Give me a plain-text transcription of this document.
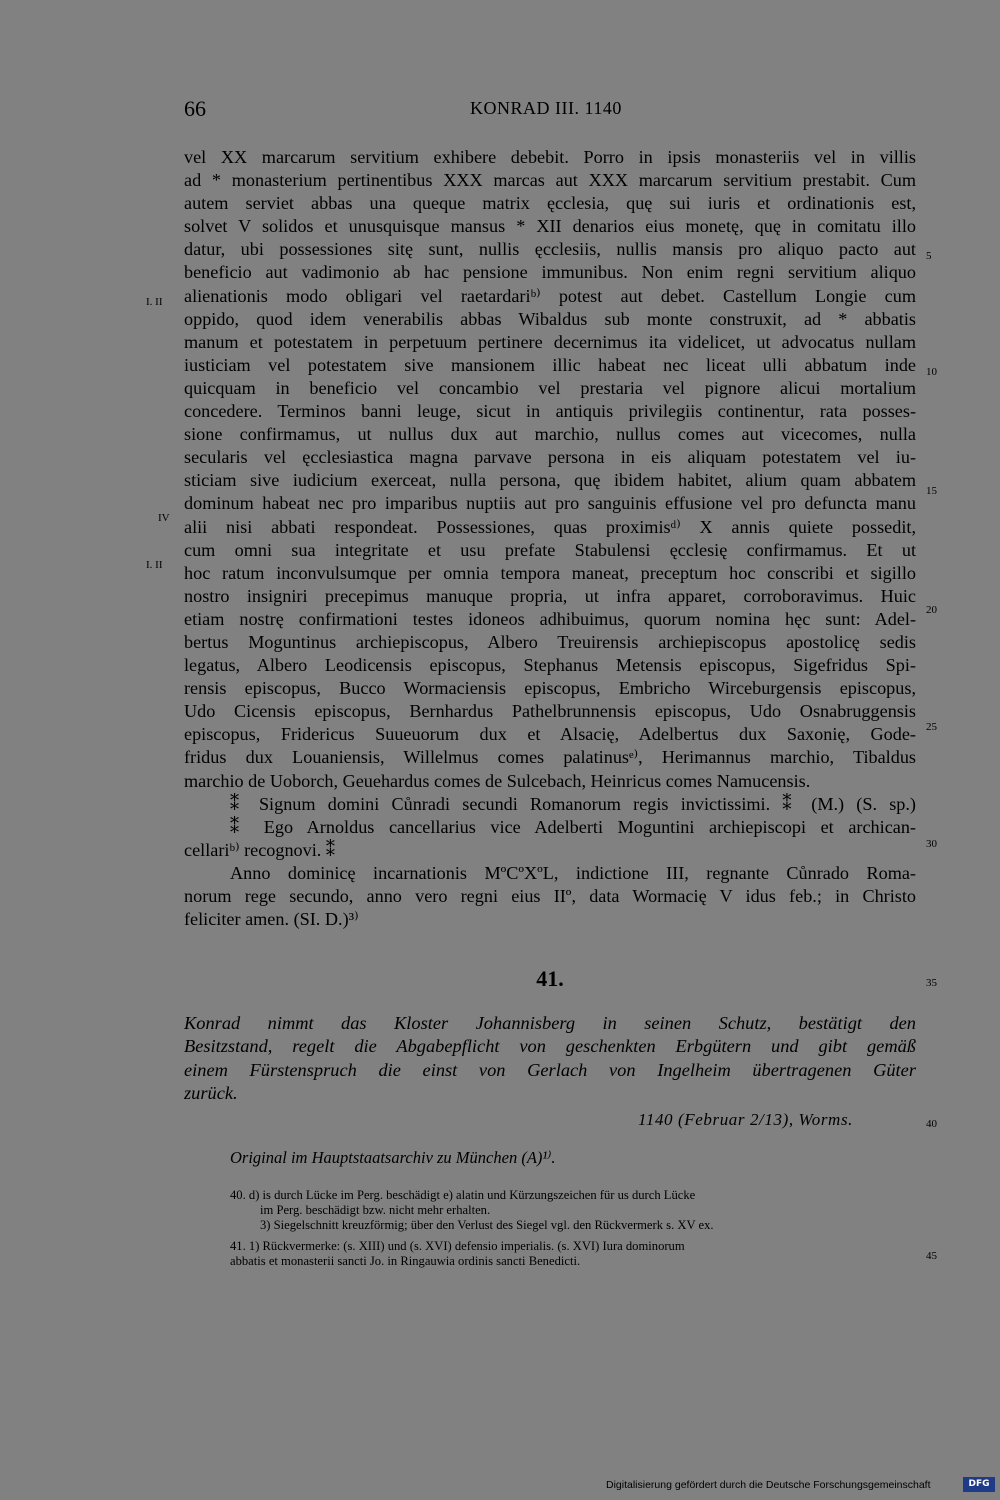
66	KONRAD III. 1140
vel XX marcarum servitium exhibere debebit. Porro in ipsis monasteriis vel in villis
ad * monasterium pertinentibus XXX marcas aut XXX marcarum servitium prestabit. Cum
autem serviet abbas una queque matrix ęcclesia, quę sui iuris et ordinationis est,
solvet V solidos et unusquisque mansus * XII denarios eius monetę, quę in comitatu illo
datur, ubi possessiones sitę sunt, nullis ęcclesiis, nullis mansis pro aliquo pacto aut
beneficio aut vadimonio ab hac pensione immunibus. Non enim regni servitium aliquo
alienationis modo obligari vel raetardariᵇ⁾ potest aut debet. Castellum Longie cum
oppido, quod idem venerabilis abbas Wibaldus sub monte construxit, ad * abbatis
manum et potestatem in perpetuum pertinere decernimus ita videlicet, ut advocatus nullam
iusticiam vel potestatem sive mansionem illic habeat nec liceat ulli abbatum inde
quicquam in beneficio vel concambio vel prestaria vel pignore alicui mortalium
concedere. Terminos banni leuge, sicut in antiquis privilegiis continentur, rata posses-
sione confirmamus, ut nullus dux aut marchio, nullus comes aut vicecomes, nulla
secularis vel ęcclesiastica magna parvave persona in eis aliquam potestatem vel iu-
sticiam sive iudicium exerceat, nulla persona, quę ibidem habitet, alium quam abbatem
dominum habeat nec pro imparibus nuptiis aut pro sanguinis effusione vel pro defuncta manu
alii nisi abbati respondeat. Possessiones, quas proximisᵈ⁾ X annis quiete possedit,
cum omni sua integritate et usu prefate Stabulensi ęcclesię confirmamus. Et ut
hoc ratum inconvulsumque per omnia tempora maneat, preceptum hoc conscribi et sigillo
nostro insigniri precepimus manuque propria, ut infra apparet, corroboravimus. Huic
etiam nostrę confirmationi testes idoneos adhibuimus, quorum nomina hęc sunt: Adel-
bertus Moguntinus archiepiscopus, Albero Treuirensis archiepiscopus apostolicę sedis
legatus, Albero Leodicensis episcopus, Stephanus Metensis episcopus, Sigefridus Spi-
rensis episcopus, Bucco Wormaciensis episcopus, Embricho Wirceburgensis episcopus,
Udo Cicensis episcopus, Bernhardus Pathelbrunnensis episcopus, Udo Osnabruggensis
episcopus, Fridericus Suueuorum dux et Alsacię, Adelbertus dux Saxonię, Gode-
fridus dux Louaniensis, Willelmus comes palatinusᵉ⁾, Herimannus marchio, Tibaldus
marchio de Uoborch, Geuehardus comes de Sulcebach, Heinricus comes Namucensis.
⁑ Signum domini Cůnradi secundi Romanorum regis invictissimi. ⁑ (M.) (S. sp.)
⁑ Ego Arnoldus cancellarius vice Adelberti Moguntini archiepiscopi et archican-
cellariᵇ⁾ recognovi. ⁑
Anno dominicę incarnationis MºCºXºL, indictione III, regnante Cůnrado Roma-
norum rege secundo, anno vero regni eius IIº, data Wormacię V idus feb.; in Christo
feliciter amen. (SI. D.)³⁾
5
10
15
20
25
30
35
40
45
I. II
IV
I. II
41.
Konrad nimmt das Kloster Johannisberg in seinen Schutz, bestätigt den
Besitzstand, regelt die Abgabepflicht von geschenkten Erbgütern und gibt gemäß
einem Fürstenspruch die einst von Gerlach von Ingelheim übertragenen Güter
zurück.
1140 (Februar 2/13), Worms.
Original im Hauptstaatsarchiv zu München (A)¹⁾.
40. d) is durch Lücke im Perg. beschädigt e) alatin und Kürzungszeichen für us durch Lücke
im Perg. beschädigt bzw. nicht mehr erhalten.
3) Siegelschnitt kreuzförmig; über den Verlust des Siegel vgl. den Rückvermerk s. XV ex.
41. 1) Rückvermerke: (s. XIII) und (s. XVI) defensio imperialis. (s. XVI) Iura dominorum
abbatis et monasterii sancti Jo. in Ringauwia ordinis sancti Benedicti.
Digitalisierung gefördert durch die Deutsche Forschungsgemeinschaft	DFG
